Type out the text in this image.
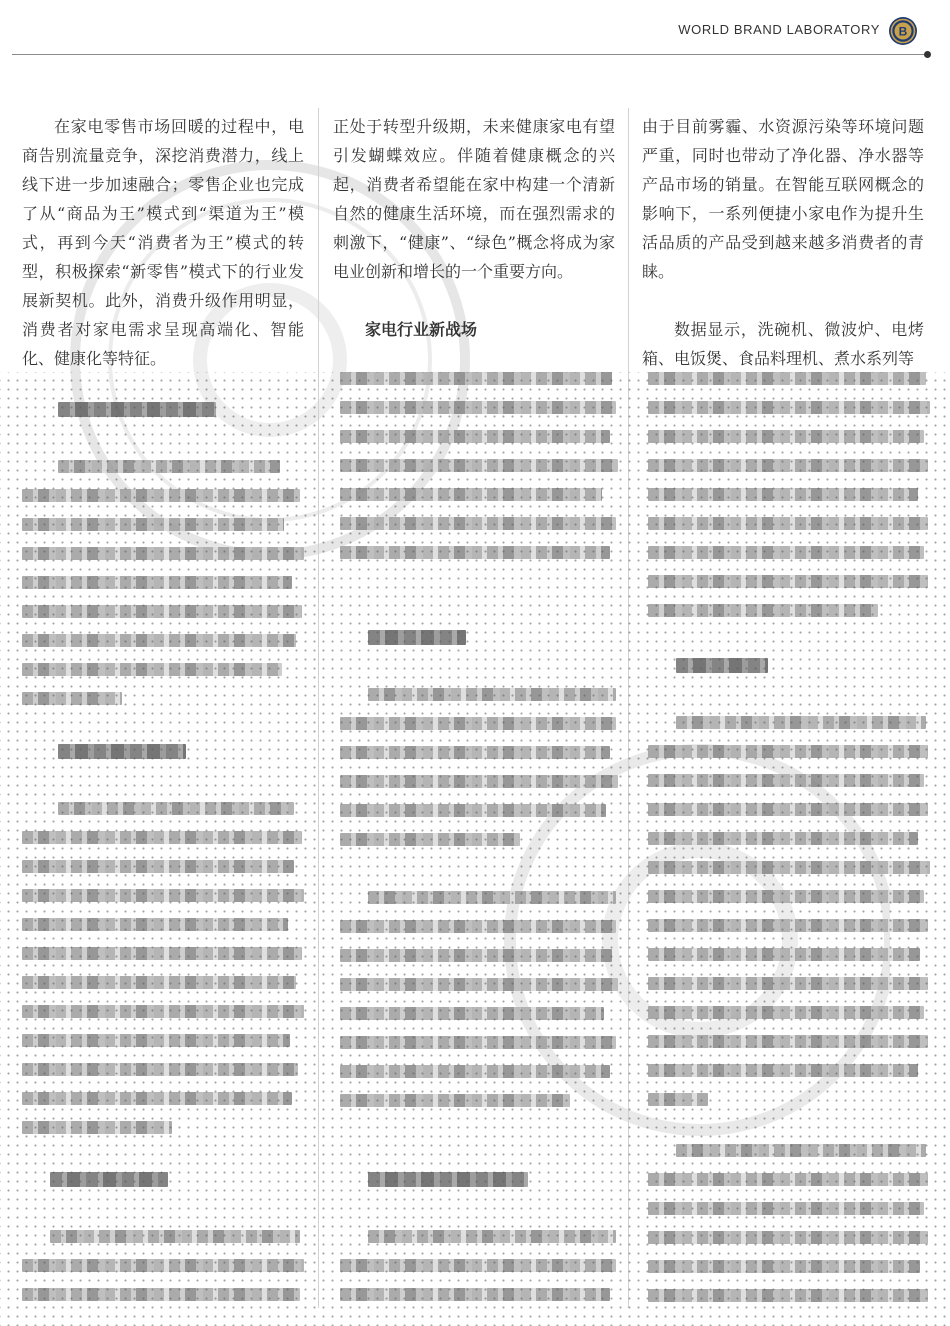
WORLD BRAND LABORATORY B

在家电零售市场回暖的过程中，电商告别流量竞争，深挖消费潜力，线上线下进一步加速融合；零售企业也完成了从“商品为王”模式到“渠道为王”模式，再到今天“消费者为王”模式的转型，积极探索“新零售”模式下的行业发展新契机。此外，消费升级作用明显，消费者对家电需求呈现高端化、智能化、健康化等特征。

正处于转型升级期，未来健康家电有望引发蝴蝶效应。伴随着健康概念的兴起，消费者希望能在家中构建一个清新自然的健康生活环境，而在强烈需求的刺激下，“健康”、“绿色”概念将成为家电业创新和增长的一个重要方向。

家电行业新战场

由于目前雾霾、水资源污染等环境问题严重，同时也带动了净化器、净水器等产品市场的销量。在智能互联网概念的影响下，一系列便捷小家电作为提升生活品质的产品受到越来越多消费者的青睐。

数据显示，洗碗机、微波炉、电烤箱、电饭煲、食品料理机、煮水系列等
